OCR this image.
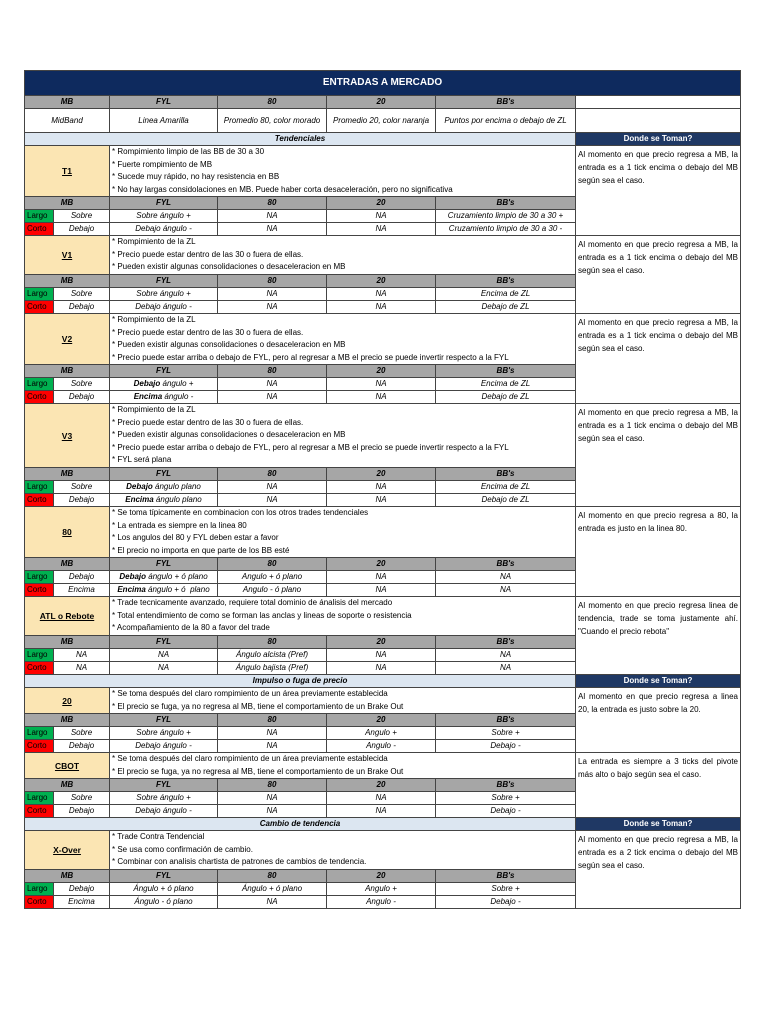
ENTRADAS A MERCADO
MB	FYL	80	20	BB's
MidBand	Linea Amarilla	Promedio 80, color morado	Promedio 20, color naranja	Puntos por encima o debajo de ZL
Tendenciales	Donde se Toman?
T1
* Rompimiento limpio de las BB de 30 a 30
* Fuerte rompimiento de MB
* Sucede muy rápido, no hay resistencia en BB
* No hay largas considolaciones en MB. Puede haber corta desaceleración, pero no significativa
MB	FYL	80	20	BB's
Largo	Sobre	Sobre ángulo +	NA	NA	Cruzamiento limpio de 30 a 30 +
Corto	Debajo	Debajo ángulo -	NA	NA	Cruzamiento limpio de 30 a 30 -
Al momento en que precio regresa a MB, la entrada es a 1 tick encima o debajo del MB según sea el caso.
V1
* Rompimiento de la ZL
* Precio puede estar dentro de las 30 o fuera de ellas.
* Pueden existir algunas consolidaciones o desaceleracion en MB
MB	FYL	80	20	BB's
Largo	Sobre	Sobre ángulo +	NA	NA	Encima de ZL
Corto	Debajo	Debajo ángulo -	NA	NA	Debajo de ZL
Al momento en que precio regresa a MB, la entrada es a 1 tick encima o debajo del MB según sea el caso.
V2
* Rompimiento de la ZL
* Precio puede estar dentro de las 30 o fuera de ellas.
* Pueden existir algunas consolidaciones o desaceleracion en MB
* Precio puede estar arriba o debajo de FYL, pero al regresar a MB el precio se puede invertir respecto a la FYL
MB	FYL	80	20	BB's
Largo	Sobre	Debajo ángulo +	NA	NA	Encima de ZL
Corto	Debajo	Encima ángulo -	NA	NA	Debajo de ZL
Al momento en que precio regresa a MB, la entrada es a 1 tick encima o debajo del MB según sea el caso.
V3
* Rompimiento de la ZL
* Precio puede estar dentro de las 30 o fuera de ellas.
* Pueden existir algunas consolidaciones o desaceleracion en MB
* Precio puede estar arriba o debajo de FYL, pero al regresar a MB el precio se puede invertir respecto a la FYL
* FYL será plana
MB	FYL	80	20	BB's
Largo	Sobre	Debajo ángulo plano	NA	NA	Encima de ZL
Corto	Debajo	Encima ángulo plano	NA	NA	Debajo de ZL
Al momento en que precio regresa a MB, la entrada es a 1 tick encima o debajo del MB según sea el caso.
80
* Se toma típicamente en combinacion con los otros trades tendenciales
* La entrada es siempre en la linea 80
* Los angulos del 80 y FYL deben estar a favor
* El precio no importa en que parte de los BB esté
MB	FYL	80	20	BB's
Largo	Debajo	Debajo ángulo + ó plano	Angulo + ó plano	NA	NA
Corto	Encima	Encima ángulo + ó  plano	Angulo - ó plano	NA	NA
Al momento en que precio regresa a 80, la entrada es justo en la linea 80.
ATL o Rebote
* Trade tecnicamente avanzado, requiere total dominio de ánalisis del mercado
* Total entendimiento de como se forman las anclas y lineas de soporte o resistencia
* Acompañamiento de la 80 a favor del trade
MB	FYL	80	20	BB's
Largo	NA	NA	Ángulo alcista (Pref)	NA	NA
Corto	NA	NA	Ángulo bajista (Pref)	NA	NA
Al momento en que precio regresa linea de tendencia, trade se toma justamente ahí. "Cuando el precio rebota"
Impulso o fuga de precio	Donde se Toman?
20
* Se toma después del claro rompimiento de un área previamente establecida
* El precio se fuga, ya no regresa al MB, tiene el comportamiento de un Brake Out
MB	FYL	80	20	BB's
Largo	Sobre	Sobre ángulo +	NA	Angulo +	Sobre +
Corto	Debajo	Debajo ángulo -	NA	Angulo -	Debajo -
Al momento en que precio regresa a linea 20, la entrada es justo sobre la 20.
CBOT
* Se toma después del claro rompimiento de un área previamente establecida
* El precio se fuga, ya no regresa al MB, tiene el comportamiento de un Brake Out
MB	FYL	80	20	BB's
Largo	Sobre	Sobre ángulo +	NA	NA	Sobre +
Corto	Debajo	Debajo ángulo -	NA	NA	Debajo -
La entrada es siempre a 3 ticks del pivote más alto o bajo según sea el caso.
Cambio de tendencia	Donde se Toman?
X-Over
* Trade Contra Tendencial
* Se usa como confirmación de cambio.
* Combinar con analisis chartista de patrones de cambios de tendencia.
MB	FYL	80	20	BB's
Largo	Debajo	Ángulo + ó plano	Ángulo + ó plano	Angulo +	Sobre +
Corto	Encima	Ángulo - ó plano	NA	Angulo -	Debajo -
Al momento en que precio regresa a MB, la entrada es a 2 tick encima o debajo del MB según sea el caso.
